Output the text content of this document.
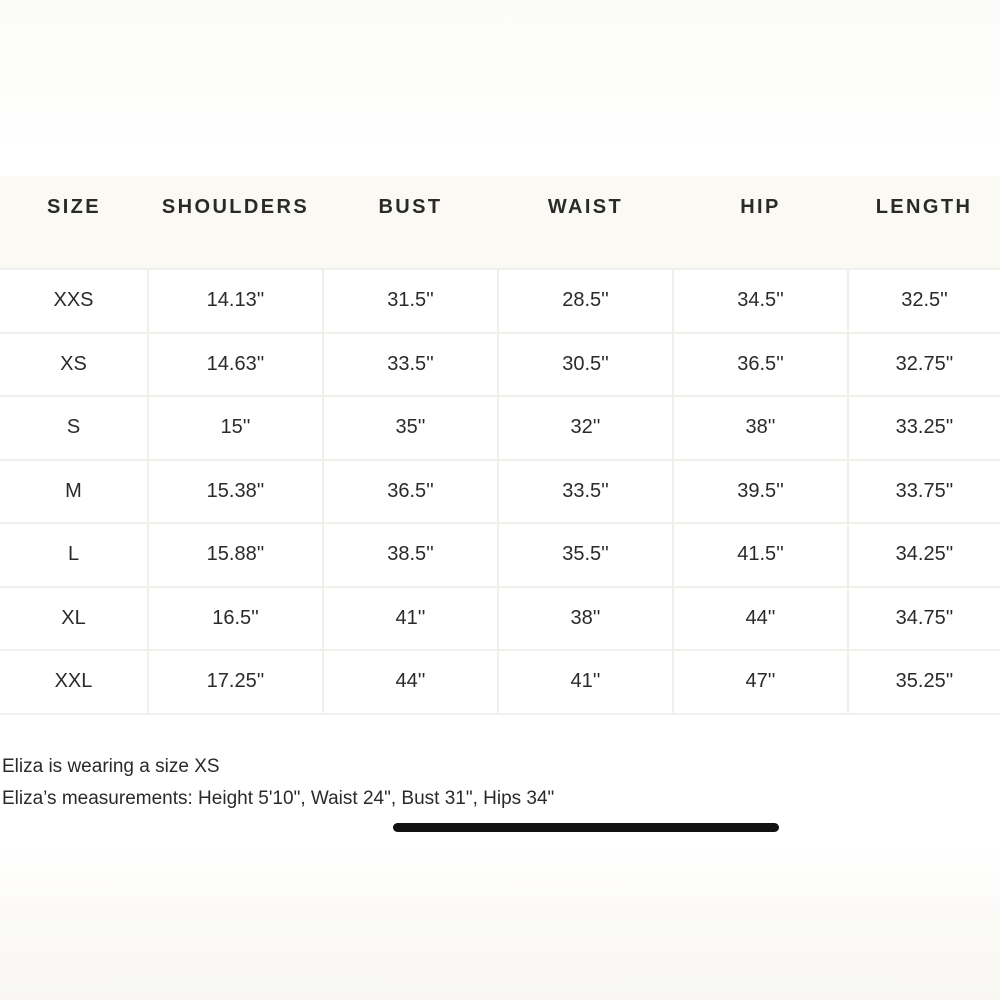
SIZE	SHOULDERS	BUST	WAIST	HIP	LENGTH
XXS	14.13''	31.5''	28.5''	34.5''	32.5''
XS	14.63''	33.5''	30.5''	36.5''	32.75''
S	15''	35''	32''	38''	33.25''
M	15.38''	36.5''	33.5''	39.5''	33.75''
L	15.88''	38.5''	35.5''	41.5''	34.25''
XL	16.5''	41''	38''	44''	34.75''
XXL	17.25''	44''	41''	47''	35.25''
Eliza is wearing a size XS
Eliza’s measurements: Height 5'10", Waist 24", Bust 31", Hips 34"
